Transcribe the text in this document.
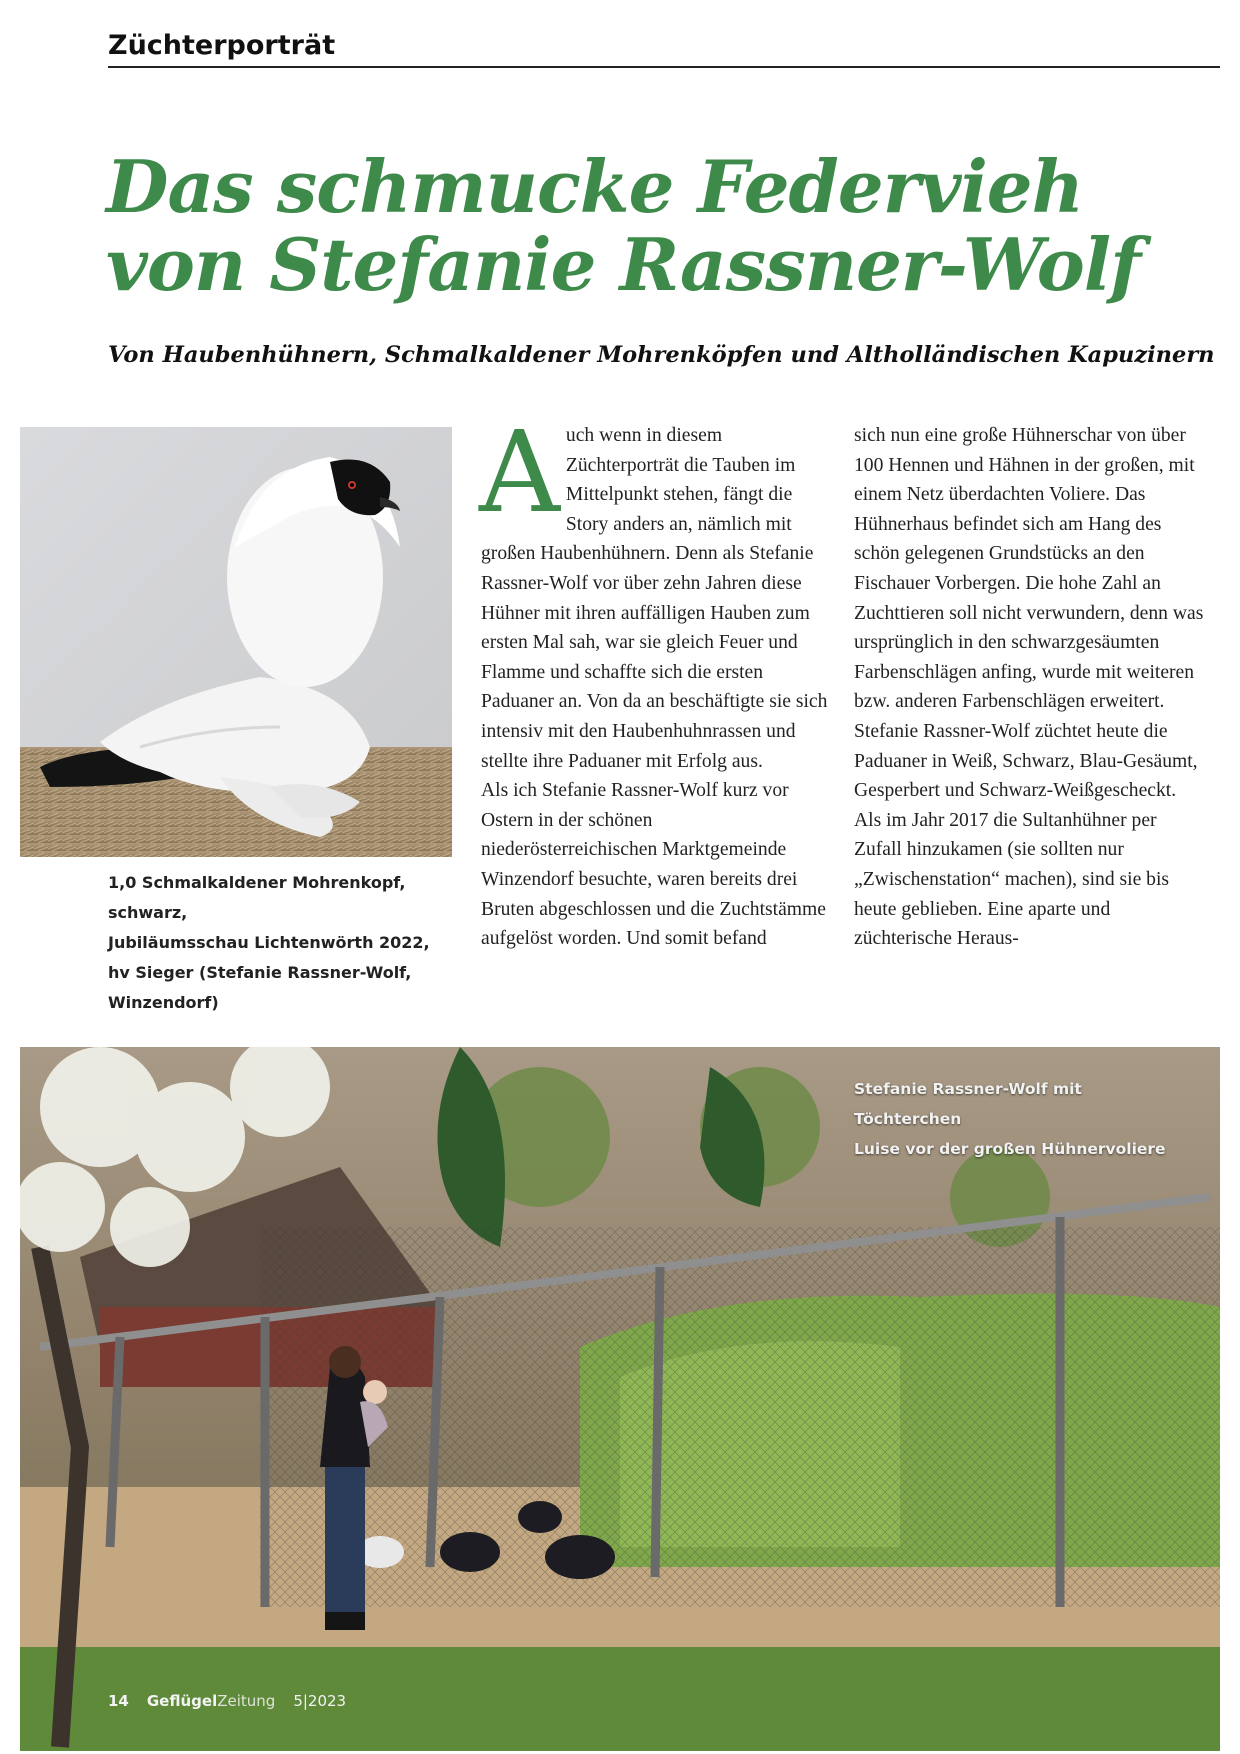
Züchterporträt
Das schmucke Federvieh
von Stefanie Rassner-Wolf
Von Haubenhühnern, Schmalkaldener Mohrenköpfen und Altholländischen Kapuzinern
1,0 Schmalkaldener Mohrenkopf, schwarz,
Jubiläumsschau Lichtenwörth 2022,
hv Sieger (Stefanie Rassner-Wolf,
Winzendorf)

Auch wenn in diesem Züchterporträt die Tauben im Mittelpunkt stehen, fängt die Story anders an, nämlich mit großen Haubenhühnern. Denn als Stefanie Rassner-Wolf vor über zehn Jahren diese Hühner mit ihren auffälligen Hauben zum ersten Mal sah, war sie gleich Feuer und Flamme und schaffte sich die ersten Paduaner an. Von da an beschäftigte sie sich intensiv mit den Haubenhuhnrassen und stellte ihre Paduaner mit Erfolg aus.

Als ich Stefanie Rassner-Wolf kurz vor Ostern in der schönen niederösterreichischen Marktgemeinde Winzendorf besuchte, waren bereits drei Bruten abgeschlossen und die Zuchtstämme aufgelöst worden. Und somit befand

sich nun eine große Hühnerschar von über 100 Hennen und Hähnen in der großen, mit einem Netz überdachten Voliere. Das Hühnerhaus befindet sich am Hang des schön gelegenen Grundstücks an den Fischauer Vorbergen. Die hohe Zahl an Zuchttieren soll nicht verwundern, denn was ursprünglich in den schwarzgesäumten Farbenschlägen anfing, wurde mit weiteren bzw. anderen Farbenschlägen erweitert. Stefanie Rassner-Wolf züchtet heute die Paduaner in Weiß, Schwarz, Blau-Gesäumt, Gesperbert und Schwarz-Weißgescheckt. Als im Jahr 2017 die Sultanhühner per Zufall hinzukamen (sie sollten nur „Zwischenstation“ machen), sind sie bis heute geblieben. Eine aparte und züchterische Heraus-

Stefanie Rassner-Wolf mit Töchterchen
Luise vor der großen Hühnervoliere
14 GeflügelZeitung 5|2023
